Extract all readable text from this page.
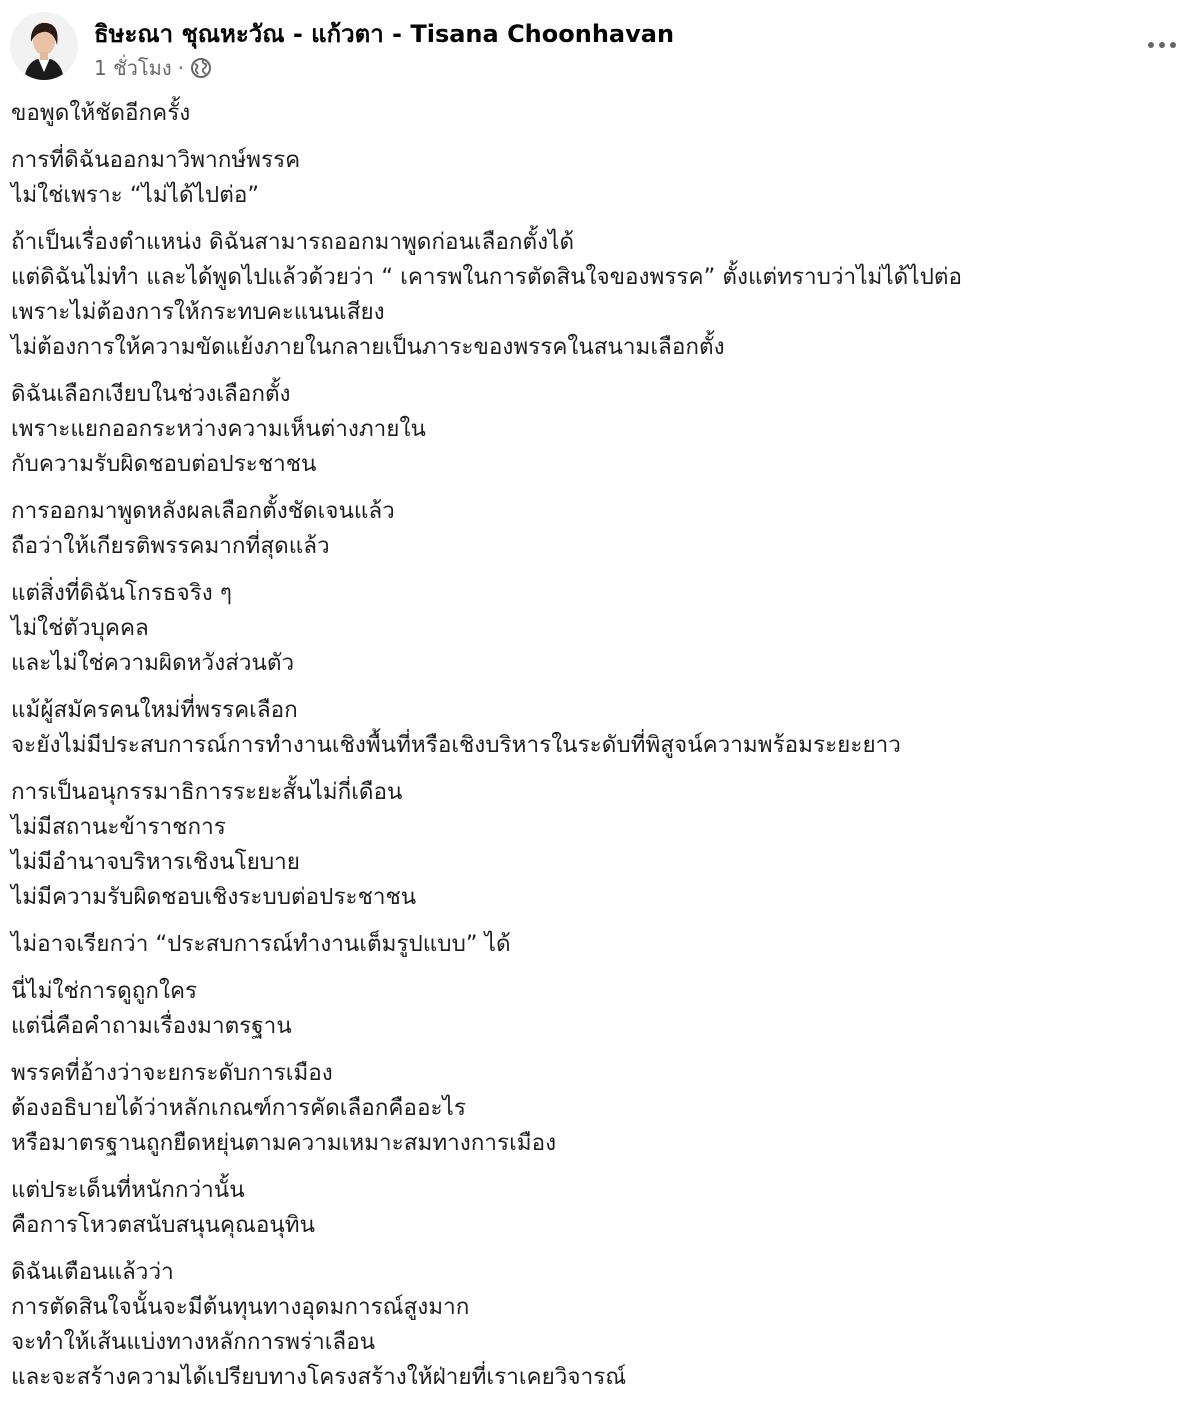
ธิษะณา ชุณหะวัณ - แก้วตา - Tisana Choonhavan
1 ชั่วโมง ·
ขอพูดให้ชัดอีกครั้ง
การที่ดิฉันออกมาวิพากษ์พรรค
ไม่ใช่เพราะ “ไม่ได้ไปต่อ”
ถ้าเป็นเรื่องตำแหน่ง ดิฉันสามารถออกมาพูดก่อนเลือกตั้งได้
แต่ดิฉันไม่ทำ และได้พูดไปแล้วด้วยว่า “ เคารพในการตัดสินใจของพรรค” ตั้งแต่ทราบว่าไม่ได้ไปต่อ
เพราะไม่ต้องการให้กระทบคะแนนเสียง
ไม่ต้องการให้ความขัดแย้งภายในกลายเป็นภาระของพรรคในสนามเลือกตั้ง
ดิฉันเลือกเงียบในช่วงเลือกตั้ง
เพราะแยกออกระหว่างความเห็นต่างภายใน
กับความรับผิดชอบต่อประชาชน
การออกมาพูดหลังผลเลือกตั้งชัดเจนแล้ว
ถือว่าให้เกียรติพรรคมากที่สุดแล้ว
แต่สิ่งที่ดิฉันโกรธจริง ๆ
ไม่ใช่ตัวบุคคล
และไม่ใช่ความผิดหวังส่วนตัว
แม้ผู้สมัครคนใหม่ที่พรรคเลือก
จะยังไม่มีประสบการณ์การทำงานเชิงพื้นที่หรือเชิงบริหารในระดับที่พิสูจน์ความพร้อมระยะยาว
การเป็นอนุกรรมาธิการระยะสั้นไม่กี่เดือน
ไม่มีสถานะข้าราชการ
ไม่มีอำนาจบริหารเชิงนโยบาย
ไม่มีความรับผิดชอบเชิงระบบต่อประชาชน
ไม่อาจเรียกว่า “ประสบการณ์ทำงานเต็มรูปแบบ” ได้
นี่ไม่ใช่การดูถูกใคร
แต่นี่คือคำถามเรื่องมาตรฐาน
พรรคที่อ้างว่าจะยกระดับการเมือง
ต้องอธิบายได้ว่าหลักเกณฑ์การคัดเลือกคืออะไร
หรือมาตรฐานถูกยืดหยุ่นตามความเหมาะสมทางการเมือง
แต่ประเด็นที่หนักกว่านั้น
คือการโหวตสนับสนุนคุณอนุทิน
ดิฉันเตือนแล้วว่า
การตัดสินใจนั้นจะมีต้นทุนทางอุดมการณ์สูงมาก
จะทำให้เส้นแบ่งทางหลักการพร่าเลือน
และจะสร้างความได้เปรียบทางโครงสร้างให้ฝ่ายที่เราเคยวิจารณ์
